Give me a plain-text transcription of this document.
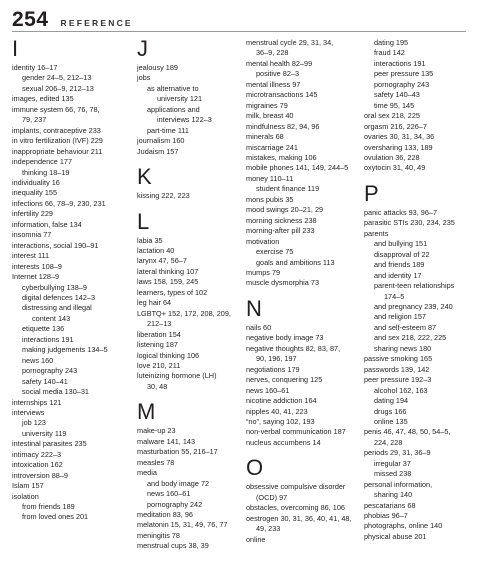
254 REFERENCE
I
identity 16–17
gender 24–5, 212–13
sexual 206–9, 212–13
images, edited 135
immune system 66, 76, 78,
79, 237
implants, contraceptive 233
in vitro fertilization (IVF) 229
inappropriate behaviour 211
independence 177
thinking 18–19
individuality 16
inequality 155
infections 66, 78–9, 230, 231
infertility 229
information, false 134
insomnia 77
interactions, social 190–91
interest 111
interests 108–9
Internet 128–9
cyberbullying 138–9
digital defences 142–3
distressing and illegal
content 143
etiquette 136
interactions 191
making judgements 134–5
news 160
pornography 243
safety 140–41
social media 130–31
internships 121
interviews
job 123
university 119
intestinal parasites 235
intimacy 222–3
intoxication 162
introversion 88–9
Islam 157
isolation
from friends 189
from loved ones 201
J
jealousy 189
jobs
as alternative to
university 121
applications and
interviews 122–3
part-time 111
journalism 160
Judaism 157
K
kissing 222, 223
L
labia 35
lactation 40
larynx 47, 56–7
lateral thinking 107
laws 158, 159, 245
learners, types of 102
leg hair 64
LGBTQ+ 152, 172, 208, 209,
212–13
liberation 154
listening 187
logical thinking 106
love 210, 211
luteinizing hormone (LH)
30, 48
M
make-up 23
malware 141, 143
masturbation 55, 216–17
measles 78
media
and body image 72
news 160–61
pornography 242
meditation 83, 96
melatonin 15, 31, 49, 76, 77
meningitis 78
menstrual cups 38, 39
menstrual cycle 29, 31, 34,
36–9, 228
mental health 82–99
positive 82–3
mental illness 97
microtransactions 145
migraines 79
milk, breast 40
mindfulness 82, 94, 96
minerals 68
miscarriage 241
mistakes, making 106
mobile phones 141, 149, 244–5
money 110–11
student finance 119
mons pubis 35
mood swings 20–21, 29
morning sickness 238
morning-after pill 233
motivation
exercise 75
goals and ambitions 113
mumps 79
muscle dysmorphia 73
N
nails 60
negative body image 73
negative thoughts 82, 83, 87,
90, 196, 197
negotiations 179
nerves, conquering 125
news 160–61
nicotine addiction 164
nipples 40, 41, 223
“no”, saying 102, 193
non-verbal communication 187
nucleus accumbens 14
O
obsessive compulsive disorder
(OCD) 97
obstacles, overcoming 86, 106
oestrogen 30, 31, 36, 40, 41, 48,
49, 233
online
dating 195
fraud 142
interactions 191
peer pressure 135
pornography 243
safety 140–43
time 95, 145
oral sex 218, 225
orgasm 216, 226–7
ovaries 30, 31, 34, 36
oversharing 133, 189
ovulation 36, 228
oxytocin 31, 40, 49
P
panic attacks 93, 96–7
parasitic STIs 230, 234, 235
parents
and bullying 151
disapproval of 22
and friends 189
and identity 17
parent-teen relationships
174–5
and pregnancy 239, 240
and religion 157
and self-esteem 87
and sex 218, 222, 225
sharing news 180
passive smoking 165
passwords 139, 142
peer pressure 192–3
alcohol 162, 163
dating 194
drugs 166
online 135
penis 46, 47, 48, 50, 54–5,
224, 228
periods 29, 31, 36–9
irregular 37
missed 238
personal information,
sharing 140
pescatarians 68
phobias 96–7
photographs, online 140
physical abuse 201
